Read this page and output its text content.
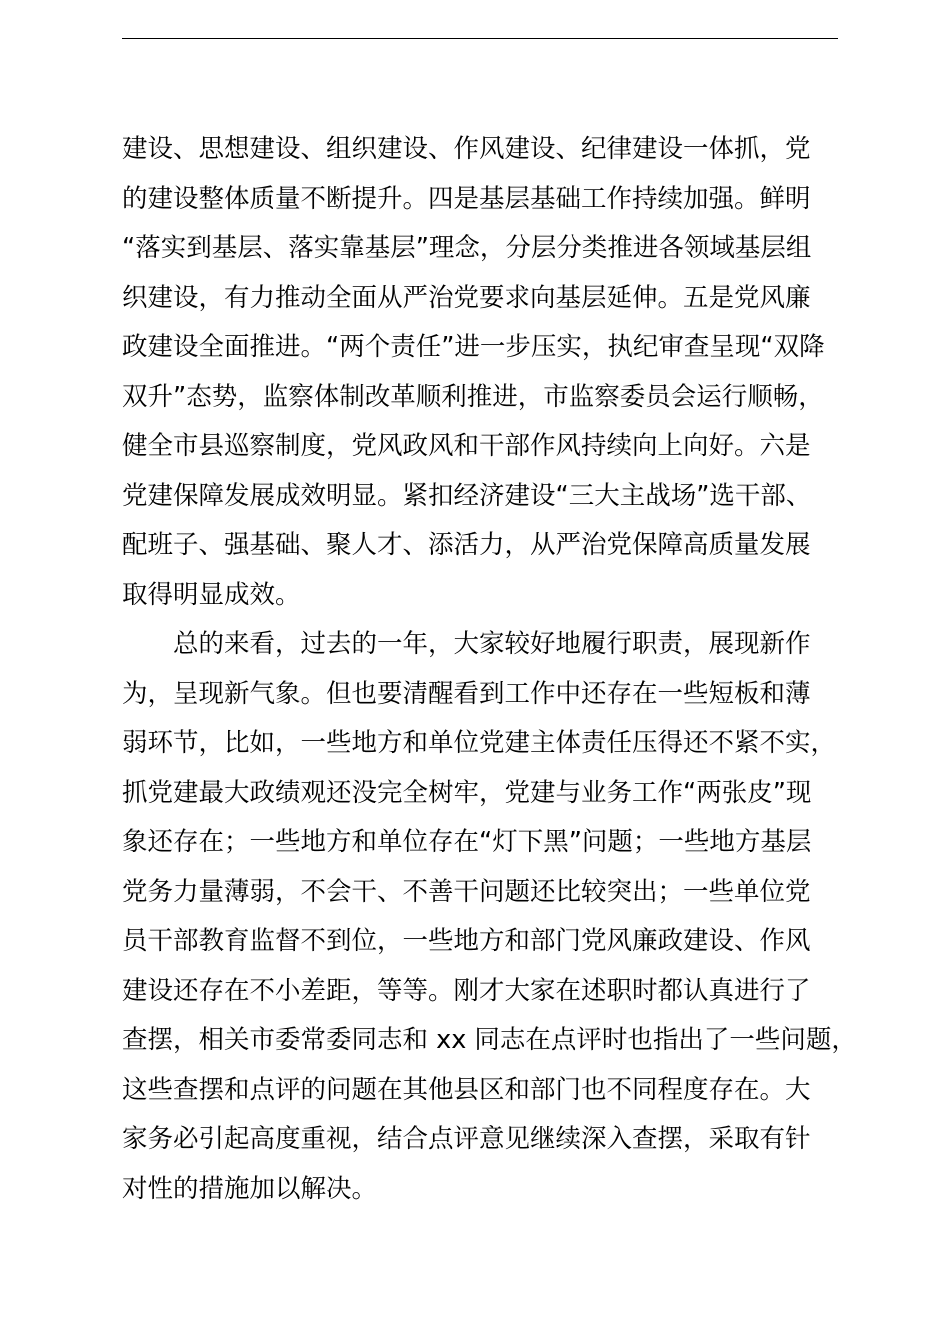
建设、思想建设、组织建设、作风建设、纪律建设一体抓，党
的建设整体质量不断提升。四是基层基础工作持续加强。鲜明
“落实到基层、落实靠基层”理念，分层分类推进各领域基层组
织建设，有力推动全面从严治党要求向基层延伸。五是党风廉
政建设全面推进。“两个责任”进一步压实，执纪审查呈现“双降
双升”态势，监察体制改革顺利推进，市监察委员会运行顺畅，
健全市县巡察制度，党风政风和干部作风持续向上向好。六是
党建保障发展成效明显。紧扣经济建设“三大主战场”选干部、
配班子、强基础、聚人才、添活力，从严治党保障高质量发展
取得明显成效。
总的来看，过去的一年，大家较好地履行职责，展现新作
为，呈现新气象。但也要清醒看到工作中还存在一些短板和薄
弱环节，比如，一些地方和单位党建主体责任压得还不紧不实，
抓党建最大政绩观还没完全树牢，党建与业务工作“两张皮”现
象还存在；一些地方和单位存在“灯下黑”问题；一些地方基层
党务力量薄弱，不会干、不善干问题还比较突出；一些单位党
员干部教育监督不到位，一些地方和部门党风廉政建设、作风
建设还存在不小差距，等等。刚才大家在述职时都认真进行了
查摆，相关市委常委同志和 xx 同志在点评时也指出了一些问题，
这些查摆和点评的问题在其他县区和部门也不同程度存在。大
家务必引起高度重视，结合点评意见继续深入查摆，采取有针
对性的措施加以解决。
